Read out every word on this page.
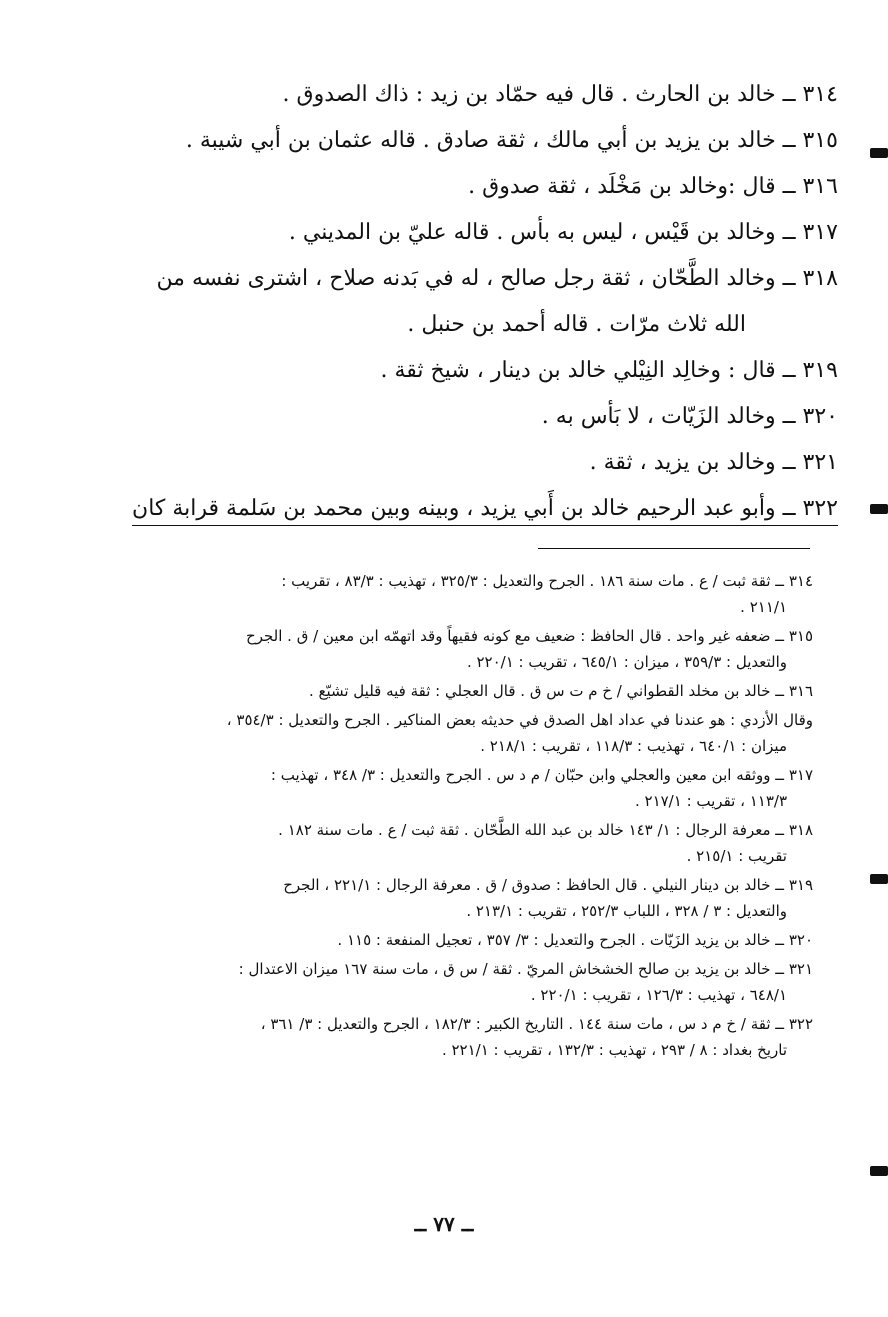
٣١٤ ــ خالد بن الحارث . قال فيه حمّاد بن زيد : ذاك الصدوق .

٣١٥ ــ خالد بن يزيد بن أبي مالك ، ثقة صادق . قاله عثمان بن أبي شيبة .

٣١٦ ــ قال :وخالد بن مَخْلَد ، ثقة صدوق .

٣١٧ ــ وخالد بن قَيْس ، ليس به بأس . قاله عليّ بن المديني .

٣١٨ ــ وخالد الطَّحّان ، ثقة رجل صالح ، له في بَدنه صلاح ، اشترى نفسه من

الله ثلاث مرّات . قاله أحمد بن حنبل .

٣١٩ ــ قال : وخالِد النِيْلي خالد بن دينار ، شيخ ثقة .

٣٢٠ ــ وخالد الزَيّات ، لا بَأس به .

٣٢١ ــ وخالد بن يزيد ، ثقة .

٣٢٢ ــ وأبو عبد الرحيم خالد بن أَبي يزيد ، وبينه وبين محمد بن سَلمة قرابة كان

٣١٤ ــ ثقة ثبت / ع . مات سنة ١٨٦ . الجرح والتعديل : ٣٢٥/٣ ، تهذيب : ٨٣/٣ ، تقريب :

٢١١/١ .

٣١٥ ــ ضعفه غير واحد . قال الحافظ : ضعيف مع كونه فقيهاً وقد اتهمّه ابن معين / ق . الجرح

والتعديل : ٣٥٩/٣ ، ميزان : ٦٤٥/١ ، تقريب : ٢٢٠/١ .

٣١٦ ــ خالد بن مخلد القطواني / خ م ت س ق . قال العجلي : ثقة فيه قليل تشيّع .

وقال الأزدي : هو عندنا في عداد اهل الصدق في حديثه بعض المناكير . الجرح والتعديل : ٣٥٤/٣ ،

ميزان : ٦٤٠/١ ، تهذيب : ١١٨/٣ ، تقريب : ٢١٨/١ .

٣١٧ ــ ووثقه ابن معين والعجلي وابن حبّان / م د س . الجرح والتعديل : ٣/ ٣٤٨ ، تهذيب :

١١٣/٣ ، تقريب : ٢١٧/١ .

٣١٨ ــ معرفة الرجال : ١/ ١٤٣ خالد بن عبد الله الطَّحّان . ثقة ثبت / ع . مات سنة ١٨٢ .

تقريب : ٢١٥/١ .

٣١٩ ــ خالد بن دينار النيلي . قال الحافظ : صدوق / ق . معرفة الرجال : ٢٢١/١ ، الجرح

والتعديل : ٣ / ٣٢٨ ، اللباب ٢٥٢/٣ ، تقريب : ٢١٣/١ .

٣٢٠ ــ خالد بن يزيد الزَيّات . الجرح والتعديل : ٣/ ٣٥٧ ، تعجيل المنفعة : ١١٥ .

٣٢١ ــ خالد بن يزيد بن صالح الخشخاش المريّ . ثقة / س ق ، مات سنة ١٦٧ ميزان الاعتدال :

٦٤٨/١ ، تهذيب : ١٢٦/٣ ، تقريب : ٢٢٠/١ .

٣٢٢ ــ ثقة / خ م د س ، مات سنة ١٤٤ . التاريخ الكبير : ١٨٢/٣ ، الجرح والتعديل : ٣/ ٣٦١ ،

تاريخ بغداد : ٨ / ٢٩٣ ، تهذيب : ١٣٢/٣ ، تقريب : ٢٢١/١ .

ــ ٧٧ ــ
